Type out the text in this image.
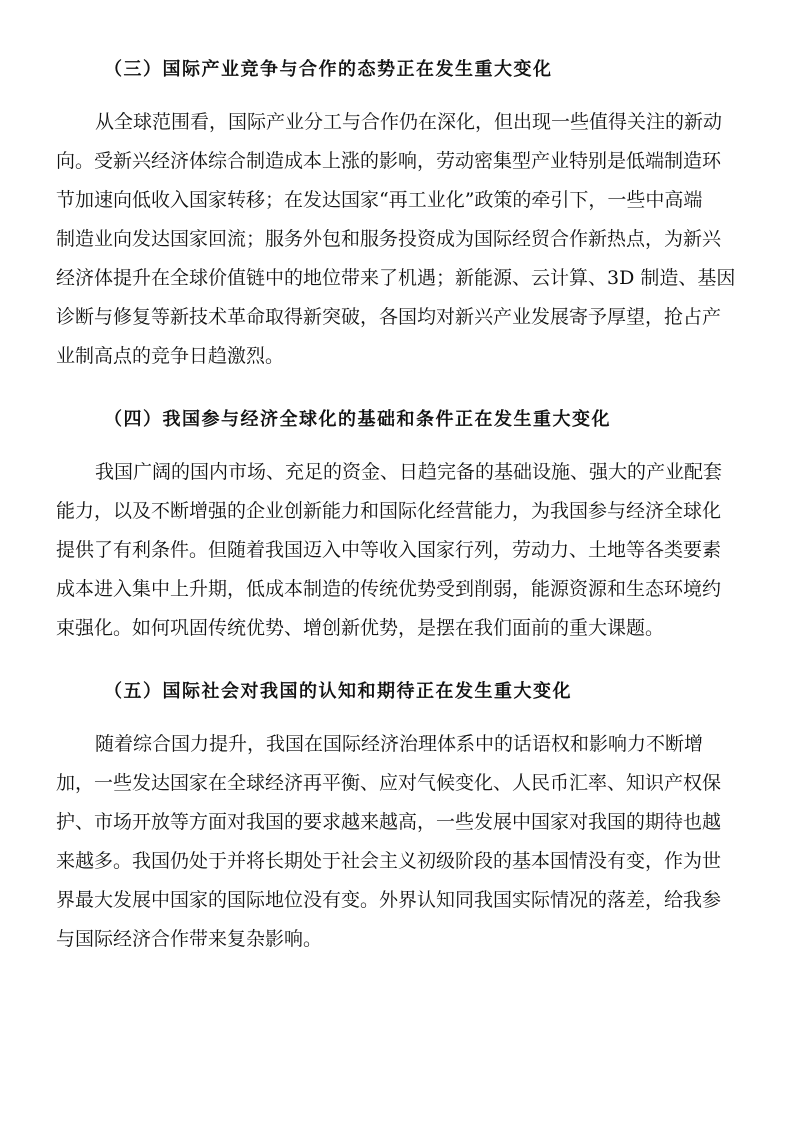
（三）国际产业竞争与合作的态势正在发生重大变化

从全球范围看，国际产业分工与合作仍在深化，但出现一些值得关注的新动

向。受新兴经济体综合制造成本上涨的影响，劳动密集型产业特别是低端制造环

节加速向低收入国家转移；在发达国家“再工业化”政策的牵引下，一些中高端

制造业向发达国家回流；服务外包和服务投资成为国际经贸合作新热点，为新兴

经济体提升在全球价值链中的地位带来了机遇；新能源、云计算、3D 制造、基因

诊断与修复等新技术革命取得新突破，各国均对新兴产业发展寄予厚望，抢占产

业制高点的竞争日趋激烈。

（四）我国参与经济全球化的基础和条件正在发生重大变化

我国广阔的国内市场、充足的资金、日趋完备的基础设施、强大的产业配套

能力，以及不断增强的企业创新能力和国际化经营能力，为我国参与经济全球化

提供了有利条件。但随着我国迈入中等收入国家行列，劳动力、土地等各类要素

成本进入集中上升期，低成本制造的传统优势受到削弱，能源资源和生态环境约

束强化。如何巩固传统优势、增创新优势，是摆在我们面前的重大课题。

（五）国际社会对我国的认知和期待正在发生重大变化

随着综合国力提升，我国在国际经济治理体系中的话语权和影响力不断增

加，一些发达国家在全球经济再平衡、应对气候变化、人民币汇率、知识产权保

护、市场开放等方面对我国的要求越来越高，一些发展中国家对我国的期待也越

来越多。我国仍处于并将长期处于社会主义初级阶段的基本国情没有变，作为世

界最大发展中国家的国际地位没有变。外界认知同我国实际情况的落差，给我参

与国际经济合作带来复杂影响。
